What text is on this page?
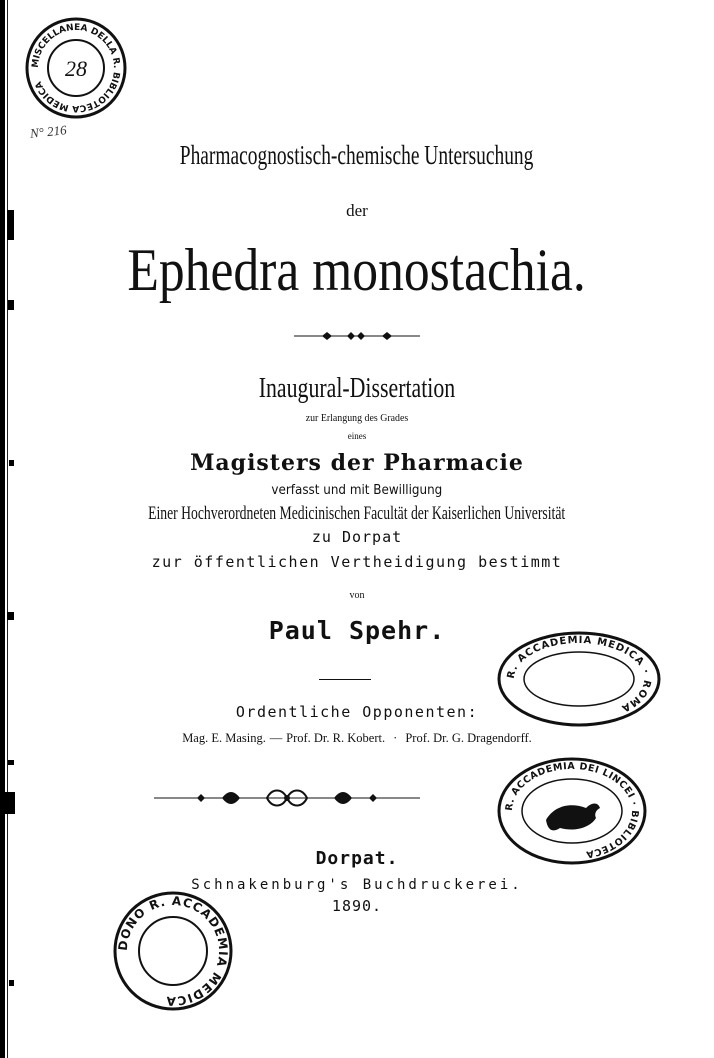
N° 216
MISCELLANEA DELLA R. BIBLIOTECA MEDICA
28
Pharmacognostisch-chemische Untersuchung
der
Ephedra monostachia.
Inaugural-Dissertation
zur Erlangung des Grades
eines
Magisters der Pharmacie
verfasst und mit Bewilligung
Einer Hochverordneten Medicinischen Facultät der Kaiserlichen Universität
zu Dorpat
zur öffentlichen Vertheidigung bestimmt
von
Paul Spehr.
R. ACCADEMIA MEDICA · ROMA
Ordentliche Opponenten:
Mag. E. Masing. — Prof. Dr. R. Kobert. · Prof. Dr. G. Dragendorff.
R. ACCADEMIA DEI LINCEI · BIBLIOTECA
Dorpat.
Schnakenburg's Buchdruckerei.
1890.
DONO R. ACCADEMIA MEDICA
